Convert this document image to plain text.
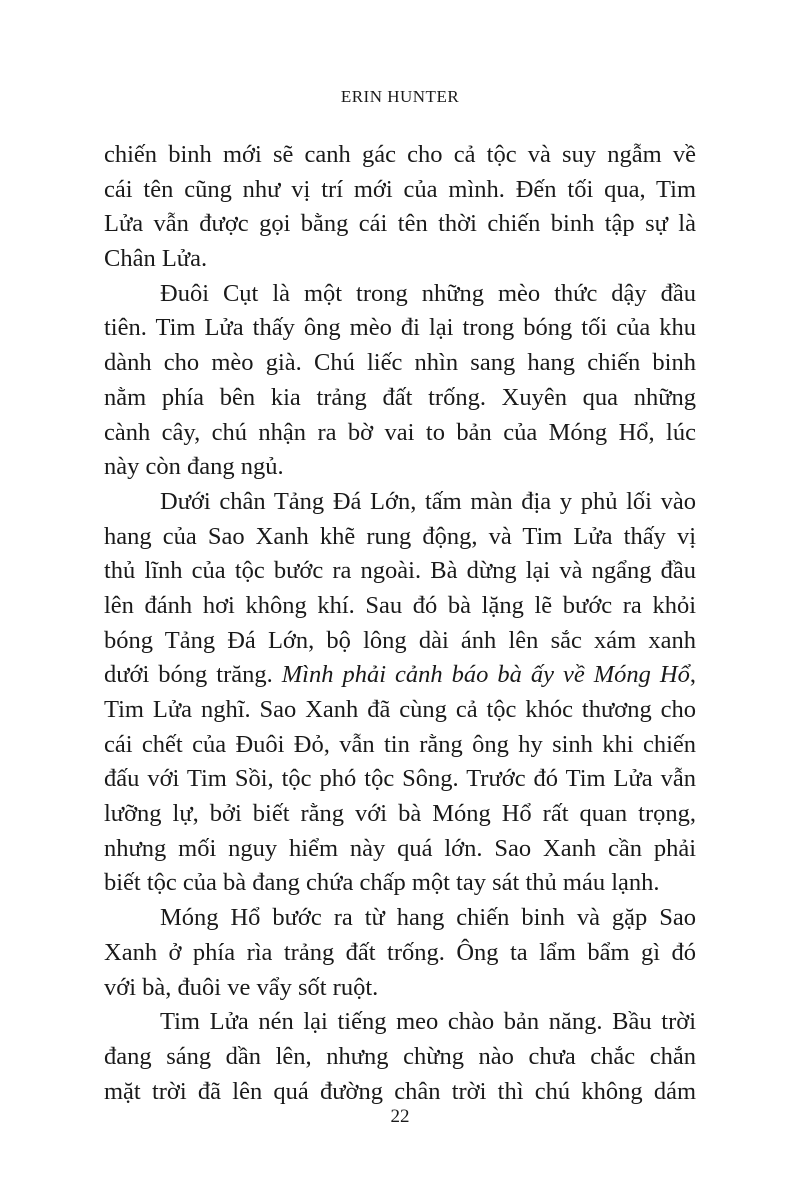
ERIN HUNTER
chiến binh mới sẽ canh gác cho cả tộc và suy ngẫm về
cái tên cũng như vị trí mới của mình. Đến tối qua, Tim
Lửa vẫn được gọi bằng cái tên thời chiến binh tập sự là
Chân Lửa.
Đuôi Cụt là một trong những mèo thức dậy đầu
tiên. Tim Lửa thấy ông mèo đi lại trong bóng tối của khu
dành cho mèo già. Chú liếc nhìn sang hang chiến binh
nằm phía bên kia trảng đất trống. Xuyên qua những
cành cây, chú nhận ra bờ vai to bản của Móng Hổ, lúc
này còn đang ngủ.
Dưới chân Tảng Đá Lớn, tấm màn địa y phủ lối vào
hang của Sao Xanh khẽ rung động, và Tim Lửa thấy vị
thủ lĩnh của tộc bước ra ngoài. Bà dừng lại và ngẩng đầu
lên đánh hơi không khí. Sau đó bà lặng lẽ bước ra khỏi
bóng Tảng Đá Lớn, bộ lông dài ánh lên sắc xám xanh
dưới bóng trăng. Mình phải cảnh báo bà ấy về Móng Hổ,
Tim Lửa nghĩ. Sao Xanh đã cùng cả tộc khóc thương cho
cái chết của Đuôi Đỏ, vẫn tin rằng ông hy sinh khi chiến
đấu với Tim Sồi, tộc phó tộc Sông. Trước đó Tim Lửa vẫn
lưỡng lự, bởi biết rằng với bà Móng Hổ rất quan trọng,
nhưng mối nguy hiểm này quá lớn. Sao Xanh cần phải
biết tộc của bà đang chứa chấp một tay sát thủ máu lạnh.
Móng Hổ bước ra từ hang chiến binh và gặp Sao
Xanh ở phía rìa trảng đất trống. Ông ta lẩm bẩm gì đó
với bà, đuôi ve vẩy sốt ruột.
Tim Lửa nén lại tiếng meo chào bản năng. Bầu trời
đang sáng dần lên, nhưng chừng nào chưa chắc chắn
mặt trời đã lên quá đường chân trời thì chú không dám
22
